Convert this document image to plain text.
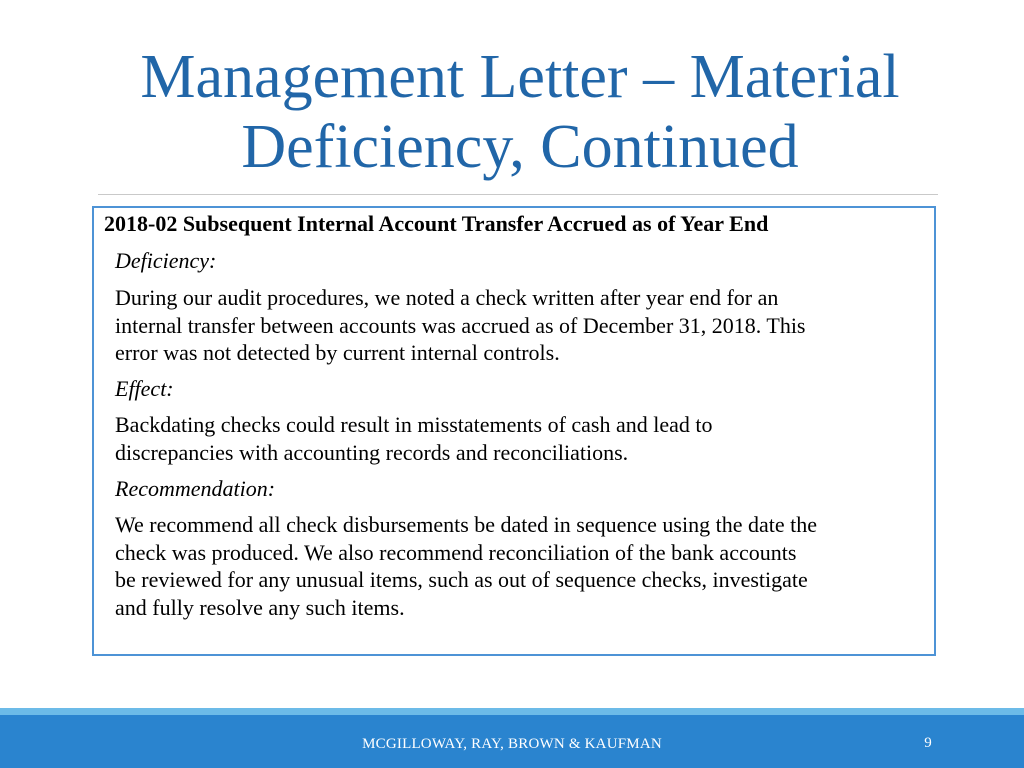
Management Letter – Material
Deficiency, Continued

2018-02 Subsequent Internal Account Transfer Accrued as of Year End

Deficiency:

During our audit procedures, we noted a check written after year end for an
internal transfer between accounts was accrued as of December 31, 2018. This
error was not detected by current internal controls.

Effect:

Backdating checks could result in misstatements of cash and lead to
discrepancies with accounting records and reconciliations.

Recommendation:

We recommend all check disbursements be dated in sequence using the date the
check was produced. We also recommend reconciliation of the bank accounts
be reviewed for any unusual items, such as out of sequence checks, investigate
and fully resolve any such items.

MCGILLOWAY, RAY, BROWN & KAUFMAN	9
